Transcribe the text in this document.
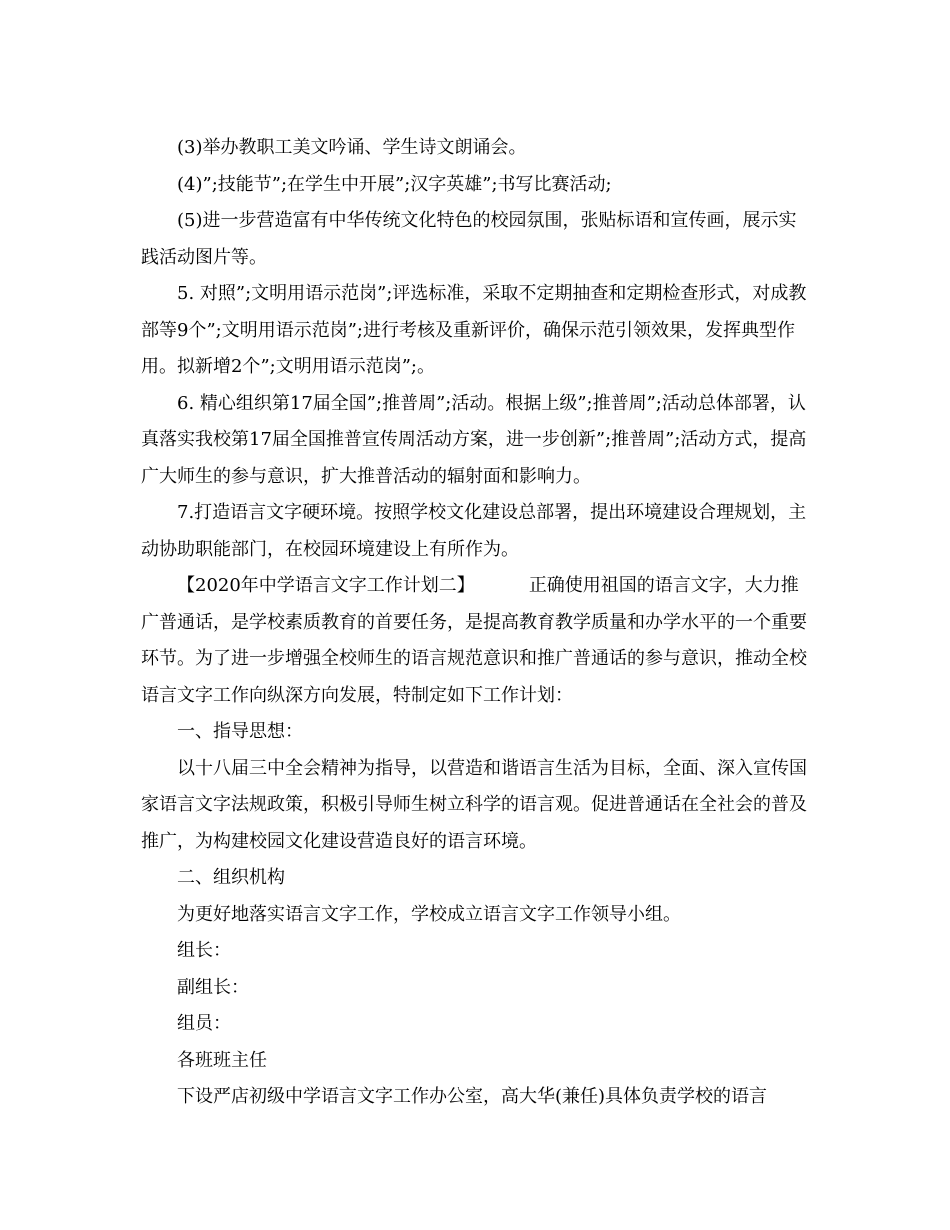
(3)举办教职工美文吟诵、学生诗文朗诵会。

(4)”;技能节”;在学生中开展”;汉字英雄”;书写比赛活动;

(5)进一步营造富有中华传统文化特色的校园氛围，张贴标语和宣传画，展示实践活动图片等。

5. 对照”;文明用语示范岗”;评选标准，采取不定期抽查和定期检查形式，对成教部等9个”;文明用语示范岗”;进行考核及重新评价，确保示范引领效果，发挥典型作用。拟新增2个”;文明用语示范岗”;。

6. 精心组织第17届全国”;推普周”;活动。根据上级”;推普周”;活动总体部署，认真落实我校第17届全国推普宣传周活动方案，进一步创新”;推普周”;活动方式，提高广大师生的参与意识，扩大推普活动的辐射面和影响力。

7.打造语言文字硬环境。按照学校文化建设总部署，提出环境建设合理规划，主动协助职能部门，在校园环境建设上有所作为。

【2020年中学语言文字工作计划二】	正确使用祖国的语言文字，大力推广普通话，是学校素质教育的首要任务，是提高教育教学质量和办学水平的一个重要环节。为了进一步增强全校师生的语言规范意识和推广普通话的参与意识，推动全校语言文字工作向纵深方向发展，特制定如下工作计划：

一、指导思想：

以十八届三中全会精神为指导，以营造和谐语言生活为目标，全面、深入宣传国家语言文字法规政策，积极引导师生树立科学的语言观。促进普通话在全社会的普及推广，为构建校园文化建设营造良好的语言环境。

二、组织机构

为更好地落实语言文字工作，学校成立语言文字工作领导小组。

组长：

副组长：

组员：

各班班主任

下设严店初级中学语言文字工作办公室，高大华(兼任)具体负责学校的语言
